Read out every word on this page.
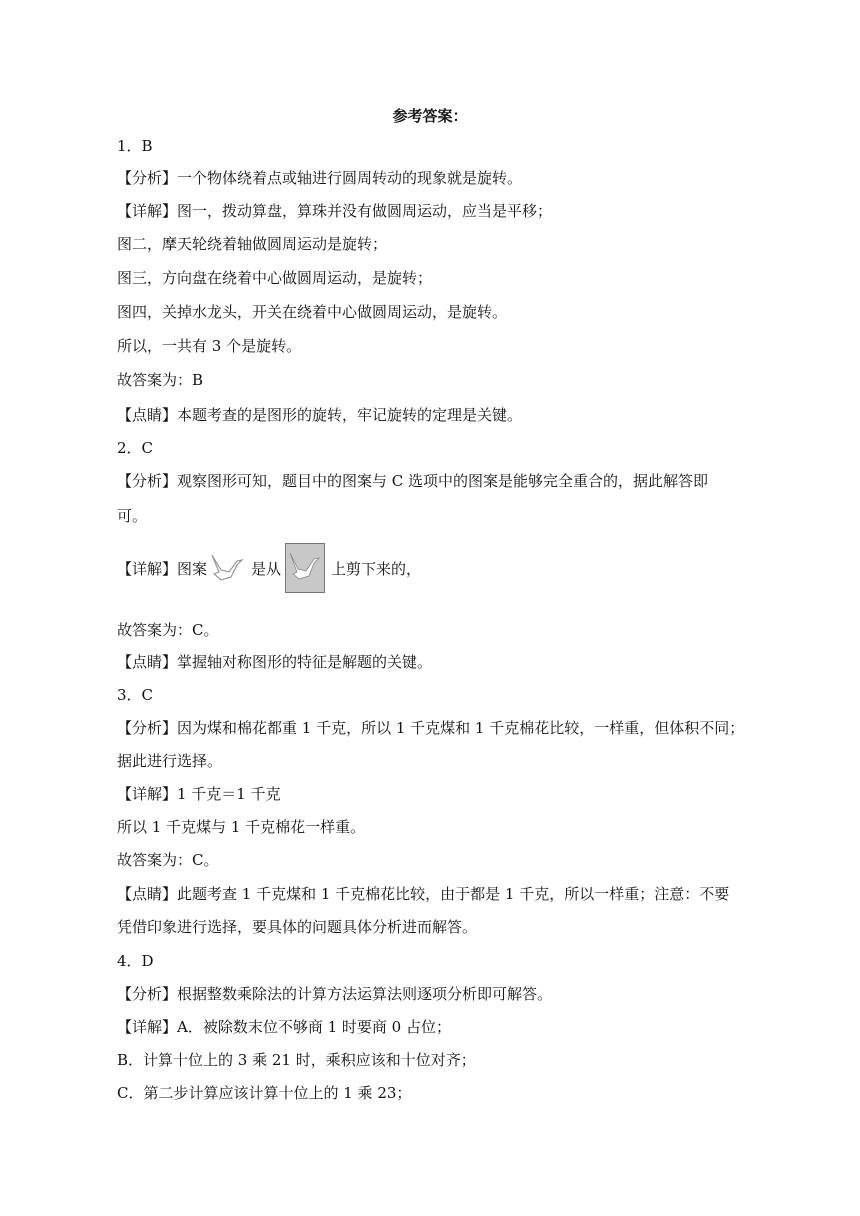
参考答案：
1．B
【分析】一个物体绕着点或轴进行圆周转动的现象就是旋转。
【详解】图一，拨动算盘，算珠并没有做圆周运动，应当是平移；
图二，摩天轮绕着轴做圆周运动是旋转；
图三，方向盘在绕着中心做圆周运动，是旋转；
图四，关掉水龙头，开关在绕着中心做圆周运动，是旋转。
所以，一共有 3 个是旋转。
故答案为：B
【点睛】本题考查的是图形的旋转，牢记旋转的定理是关键。
2．C
【分析】观察图形可知，题目中的图案与 C 选项中的图案是能够完全重合的，据此解答即
可。
【详解】图案	是从	上剪下来的，
故答案为：C。
【点睛】掌握轴对称图形的特征是解题的关键。
3．C
【分析】因为煤和棉花都重 1 千克，所以 1 千克煤和 1 千克棉花比较，一样重，但体积不同；
据此进行选择。
【详解】1 千克＝1 千克
所以 1 千克煤与 1 千克棉花一样重。
故答案为：C。
【点睛】此题考查 1 千克煤和 1 千克棉花比较，由于都是 1 千克，所以一样重；注意：不要
凭借印象进行选择，要具体的问题具体分析进而解答。
4．D
【分析】根据整数乘除法的计算方法运算法则逐项分析即可解答。
【详解】A．被除数末位不够商 1 时要商 0 占位；
B．计算十位上的 3 乘 21 时，乘积应该和十位对齐；
C．第二步计算应该计算十位上的 1 乘 23；
